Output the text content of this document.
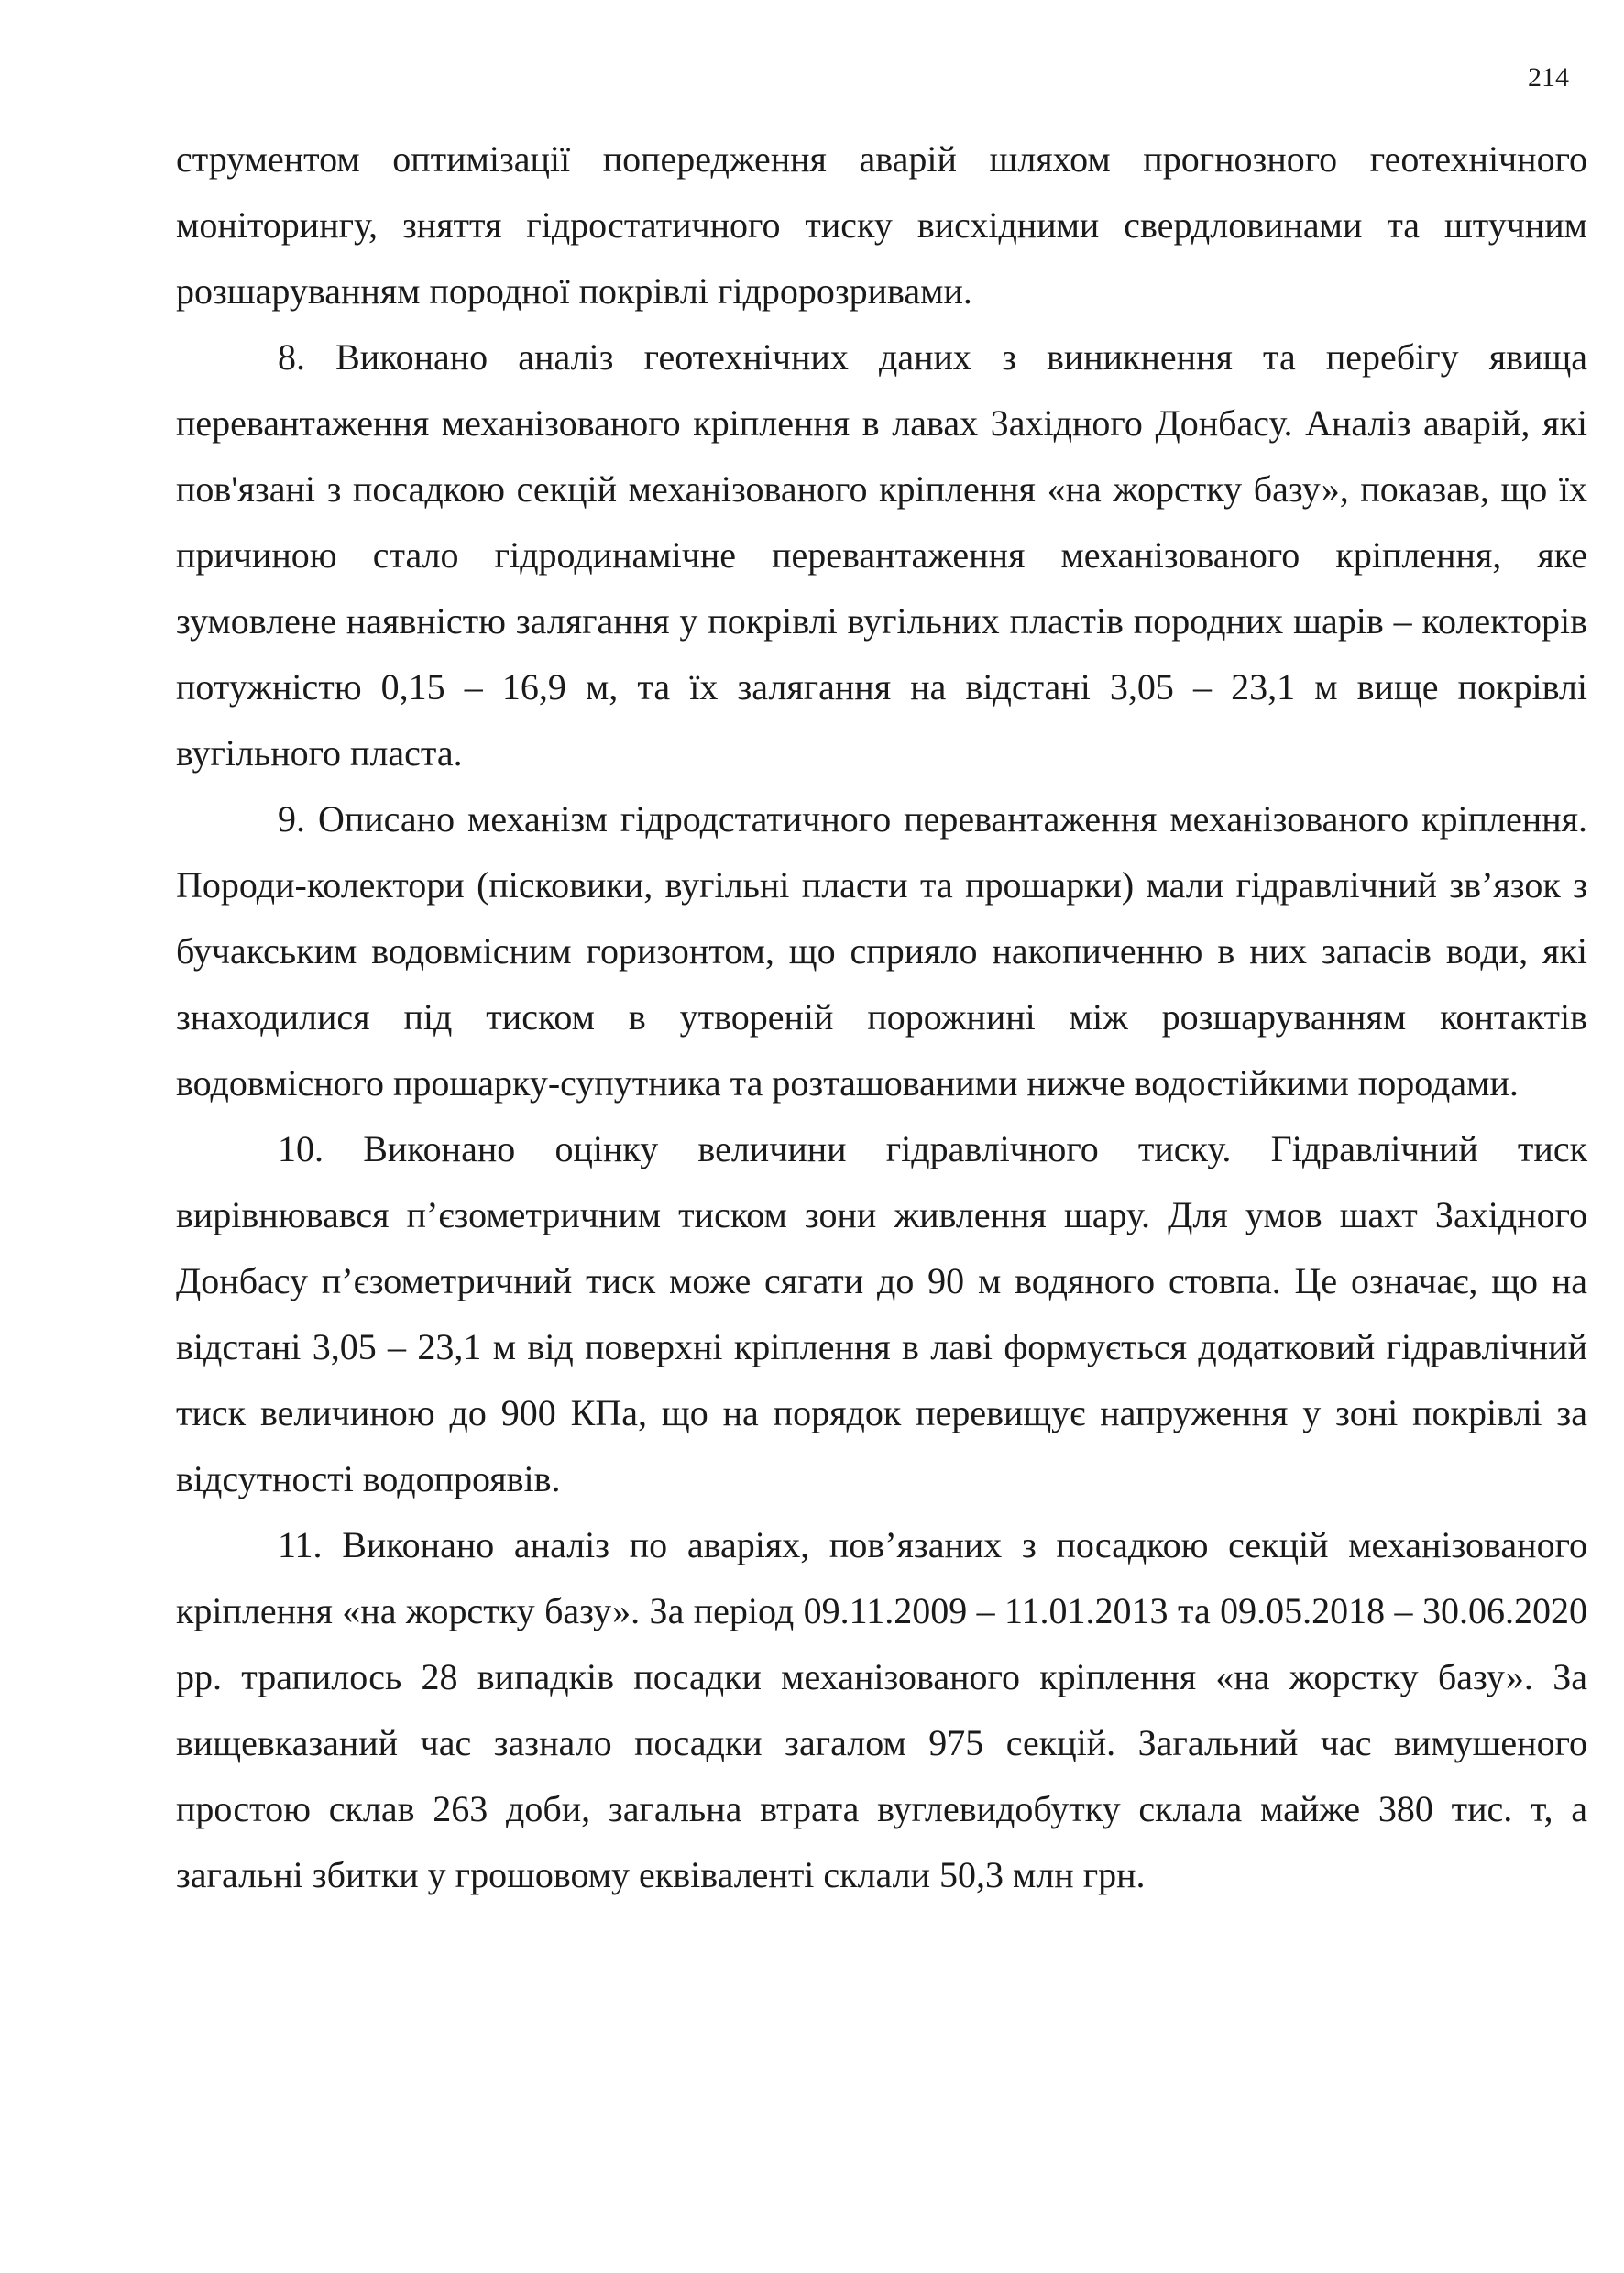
214

струментом оптимізації попередження аварій шляхом прогнозного геотехнічного моніторингу, зняття гідростатичного тиску висхідними свердловинами та штучним розшаруванням породної покрівлі гідророзривами.

8. Виконано аналіз геотехнічних даних з виникнення та перебігу явища перевантаження механізованого кріплення в лавах Західного Донбасу. Аналіз аварій, які пов'язані з посадкою секцій механізованого кріплення «на жорстку базу», показав, що їх причиною стало гідродинамічне перевантаження механізованого кріплення, яке зумовлене наявністю залягання у покрівлі вугільних пластів породних шарів – колекторів потужністю 0,15 – 16,9 м, та їх залягання на відстані 3,05 – 23,1 м вище покрівлі вугільного пласта.

9. Описано механізм гідродстатичного перевантаження механізованого кріплення. Породи-колектори (пісковики, вугільні пласти та прошарки) мали гідравлічний зв’язок з бучакським водовмісним горизонтом, що сприяло накопиченню в них запасів води, які знаходилися під тиском в утвореній порожнині між розшаруванням контактів водовмісного прошарку-супутника та розташованими нижче водостійкими породами.

10. Виконано оцінку величини гідравлічного тиску. Гідравлічний тиск вирівнювався п’єзометричним тиском зони живлення шару. Для умов шахт Західного Донбасу п’єзометричний тиск може сягати до 90 м водяного стовпа. Це означає, що на відстані 3,05 – 23,1 м від поверхні кріплення в лаві формується додатковий гідравлічний тиск величиною до 900 КПа, що на порядок перевищує напруження у зоні покрівлі за відсутності водопроявів.

11. Виконано аналіз по аваріях, пов’язаних з посадкою секцій механізованого кріплення «на жорстку базу». За період 09.11.2009 – 11.01.2013 та 09.05.2018 – 30.06.2020 рр. трапилось 28 випадків посадки механізованого кріплення «на жорстку базу». За вищевказаний час зазнало посадки загалом 975 секцій. Загальний час вимушеного простою склав 263 доби, загальна втрата вуглевидобутку склала майже 380 тис. т, а загальні збитки у грошовому еквіваленті склали 50,3 млн грн.
